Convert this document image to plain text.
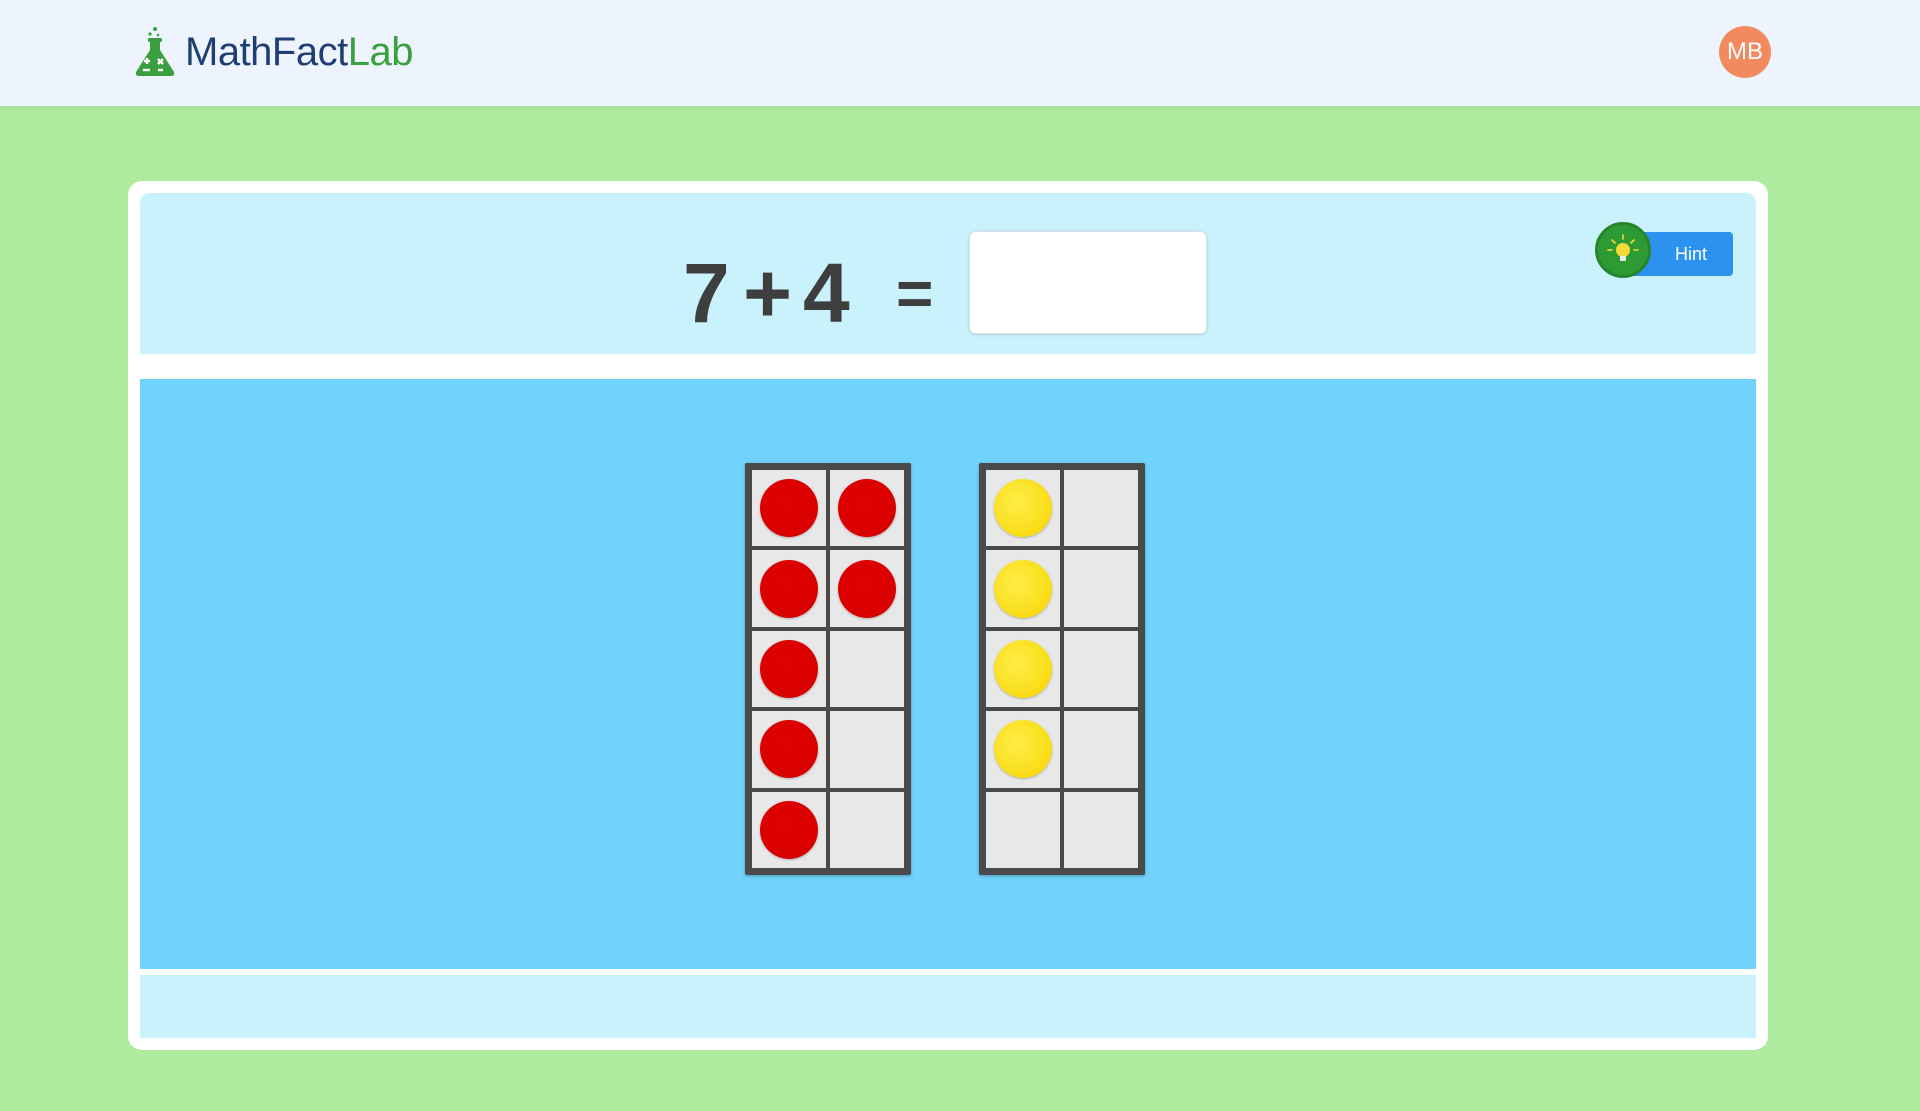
MathFactLab	MB
7 + 4 =
Hint
